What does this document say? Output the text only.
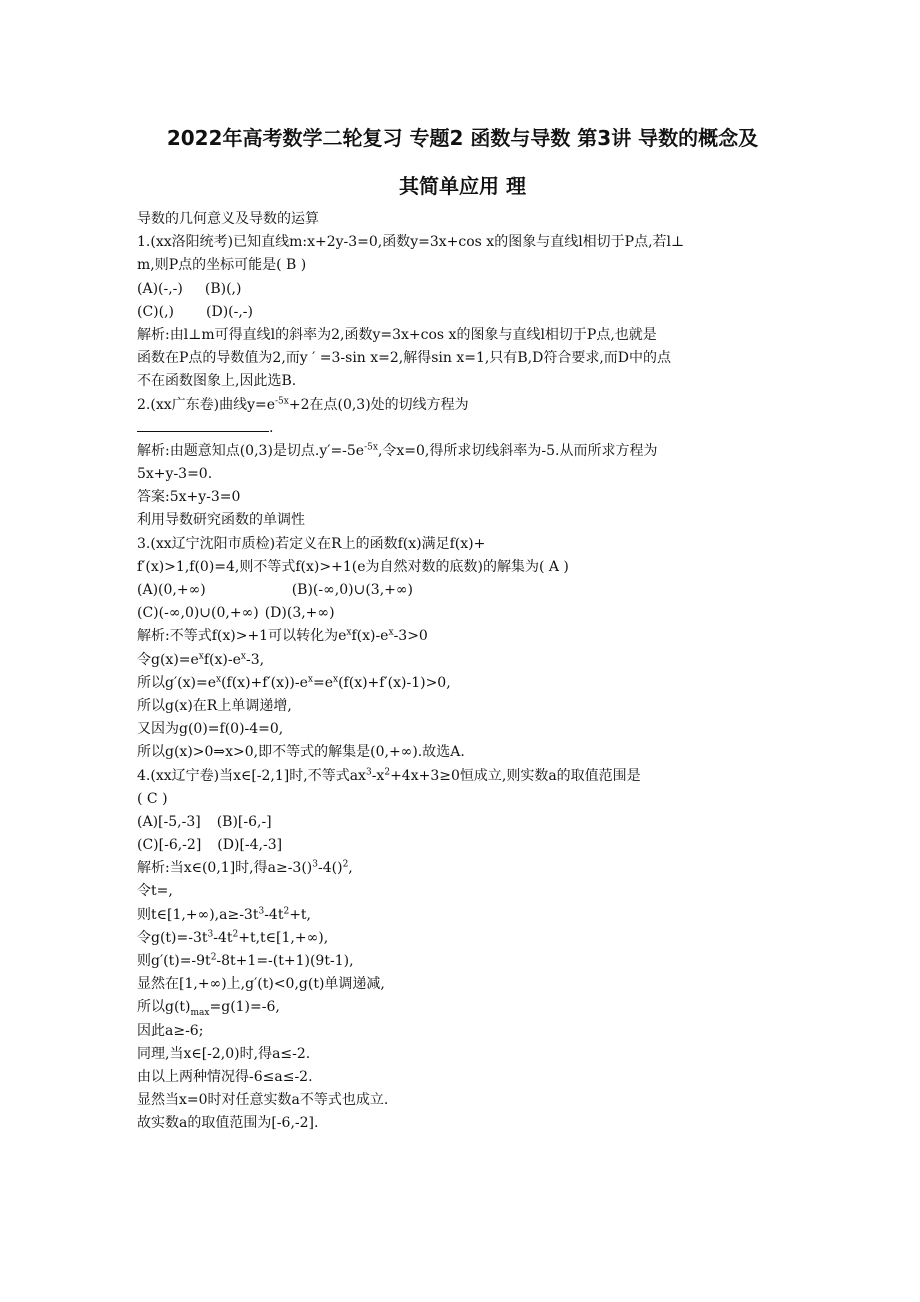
2022年高考数学二轮复习 专题2 函数与导数 第3讲 导数的概念及
其简单应用 理
导数的几何意义及导数的运算
1.(xx洛阳统考)已知直线m:x+2y-3=0,函数y=3x+cos x的图象与直线l相切于P点,若l⊥
m,则P点的坐标可能是( B )
(A)(-,-) (B)(,)
(C)(,) (D)(-,-)
解析:由l⊥m可得直线l的斜率为2,函数y=3x+cos x的图象与直线l相切于P点,也就是
函数在P点的导数值为2,而y ′ =3-sin x=2,解得sin x=1,只有B,D符合要求,而D中的点
不在函数图象上,因此选B.
2.(xx广东卷)曲线$y=e^{-5x}+2$在点(0,3)处的切线方程为
.
解析:由题意知点(0,3)是切点$.y'=-5e^{-5x}$,令x=0,得所求切线斜率为-5.从而所求方程为
5x+y-3=0.
答案:5x+y-3=0
利用导数研究函数的单调性
3.(xx辽宁沈阳市质检)若定义在R上的函数f(x)满足f(x)+
f′(x)>1,f(0)=4,则不等式f(x)>+1(e为自然对数的底数)的解集为( A )
(A)(0,+∞)	(B)(-∞,0)∪(3,+∞)
(C)(-∞,0)∪(0,+∞) (D)(3,+∞)
解析:不等式f(x)>+1可以转化为$e^xf(x)-e^x-3>0$
令$g(x)=e^xf(x)-e^x-3$,
所以$g'(x)=e^x(f(x)+f'(x))-e^x=e^x(f(x)+f'(x)-1)>0$,
所以g(x)在R上单调递增,
又因为g(0)=f(0)-4=0,
所以g(x)>0⇒x>0,即不等式的解集是(0,+∞).故选A.
4.(xx辽宁卷)当x∈[-2,1]时,不等式$ax^3-x^2+4x+3\ge 0$恒成立,则实数a的取值范围是
( C )
(A)[-5,-3] (B)[-6,-]
(C)[-6,-2] (D)[-4,-3]
解析:当x∈(0,1]时,得a≥-3()$^3$-4()$^2$,
令t=,
则$t\in[1,+\infty),a\ge-3t^3-4t^2+t$,
令$g(t)=-3t^3-4t^2+t,t\in[1,+\infty)$,
则$g'(t)=-9t^2-8t+1=-(t+1)(9t-1)$,
显然在[1,+∞)上,g′(t)<0,g(t)单调递减,
所以$g(t)_{max}=g(1)=-6$,
因此a≥-6;
同理,当x∈[-2,0)时,得a≤-2.
由以上两种情况得-6≤a≤-2.
显然当x=0时对任意实数a不等式也成立.
故实数a的取值范围为[-6,-2].
